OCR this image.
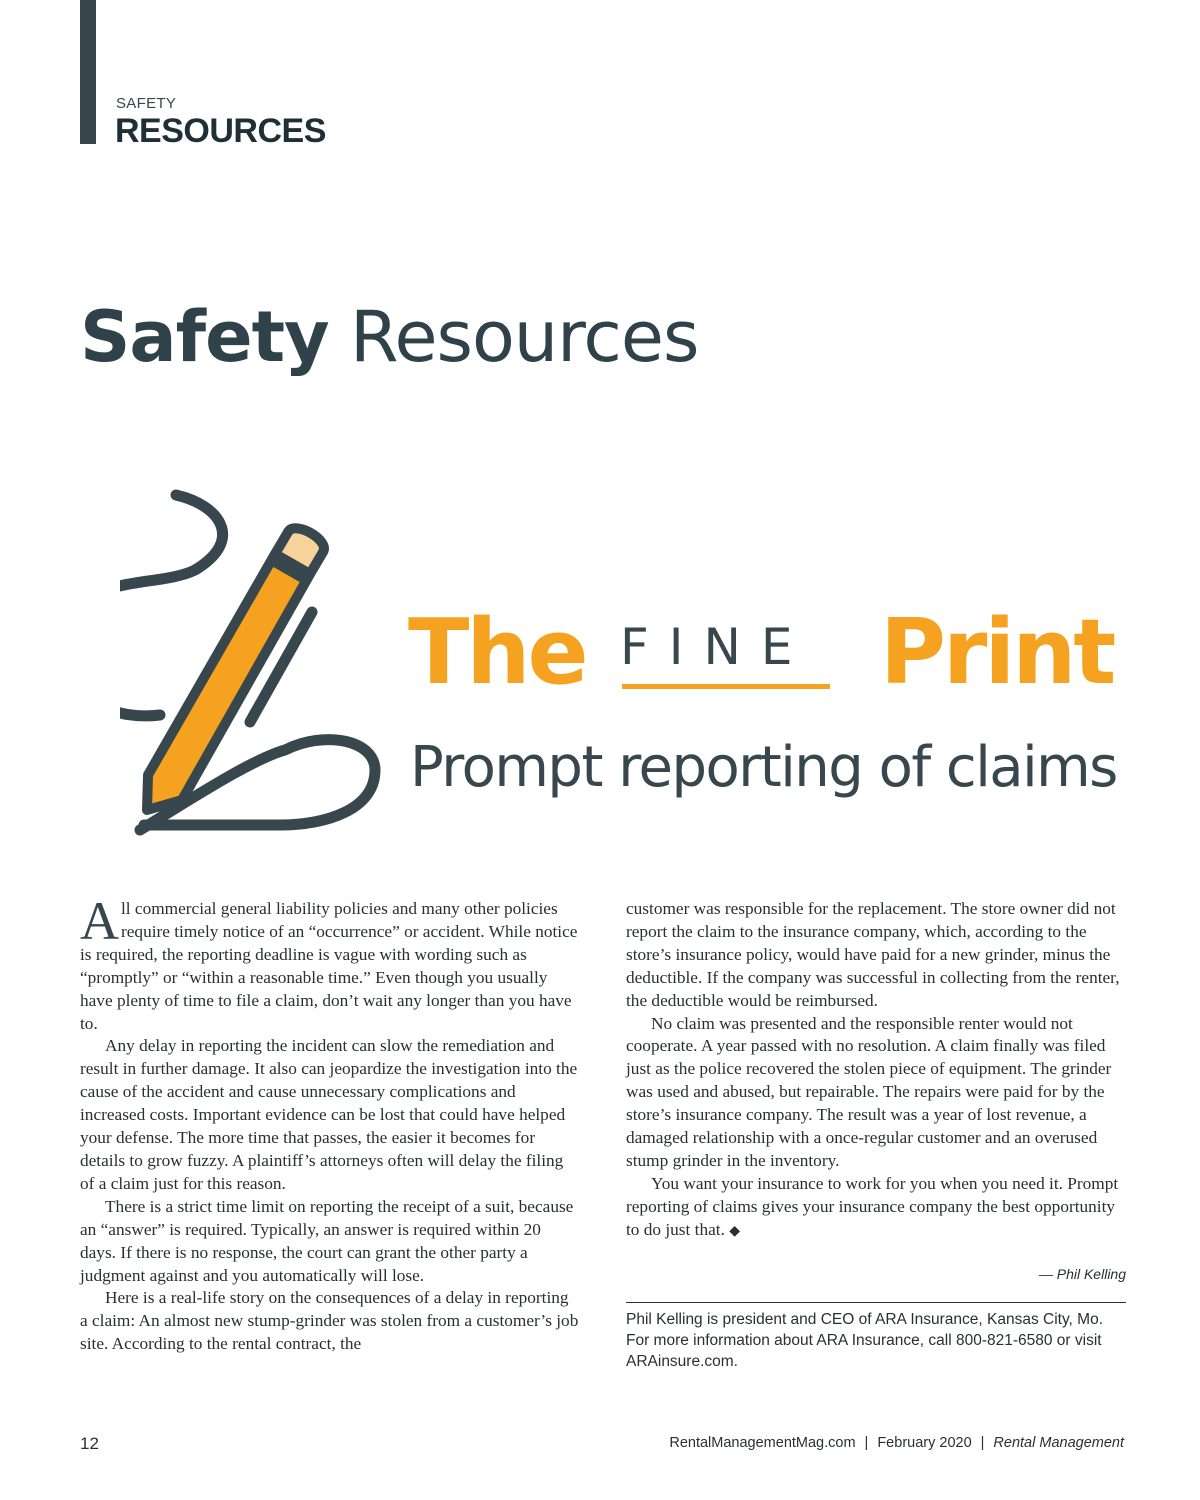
SAFETY
RESOURCES
Safety Resources
The FINE Print
Prompt reporting of claims

All commercial general liability policies and many other policies require timely notice of an “occurrence” or accident. While notice is required, the reporting deadline is vague with wording such as “promptly” or “within a reasonable time.” Even though you usually have plenty of time to file a claim, don’t wait any longer than you have to.

Any delay in reporting the incident can slow the remediation and result in further damage. It also can jeopardize the investigation into the cause of the accident and cause unnecessary complications and increased costs. Important evidence can be lost that could have helped your defense. The more time that passes, the easier it becomes for details to grow fuzzy. A plaintiff’s attorneys often will delay the filing of a claim just for this reason.

There is a strict time limit on reporting the receipt of a suit, because an “answer” is required. Typically, an answer is required within 20 days. If there is no response, the court can grant the other party a judgment against and you automatically will lose.

Here is a real-life story on the consequences of a delay in reporting a claim: An almost new stump-grinder was stolen from a customer’s job site. According to the rental contract, the

customer was responsible for the replacement. The store owner did not report the claim to the insurance company, which, according to the store’s insurance policy, would have paid for a new grinder, minus the deductible. If the company was successful in collecting from the renter, the deductible would be reimbursed.

No claim was presented and the responsible renter would not cooperate. A year passed with no resolution. A claim finally was filed just as the police recovered the stolen piece of equipment. The grinder was used and abused, but repairable. The repairs were paid for by the store’s insurance company. The result was a year of lost revenue, a damaged relationship with a once-regular customer and an overused stump grinder in the inventory.

You want your insurance to work for you when you need it. Prompt reporting of claims gives your insurance company the best opportunity to do just that. ◆

— Phil Kelling
Phil Kelling is president and CEO of ARA Insurance, Kansas City, Mo.
For more information about ARA Insurance, call 800-821-6580 or visit
ARAinsure.com.
12	RentalManagementMag.com | February 2020 | Rental Management
